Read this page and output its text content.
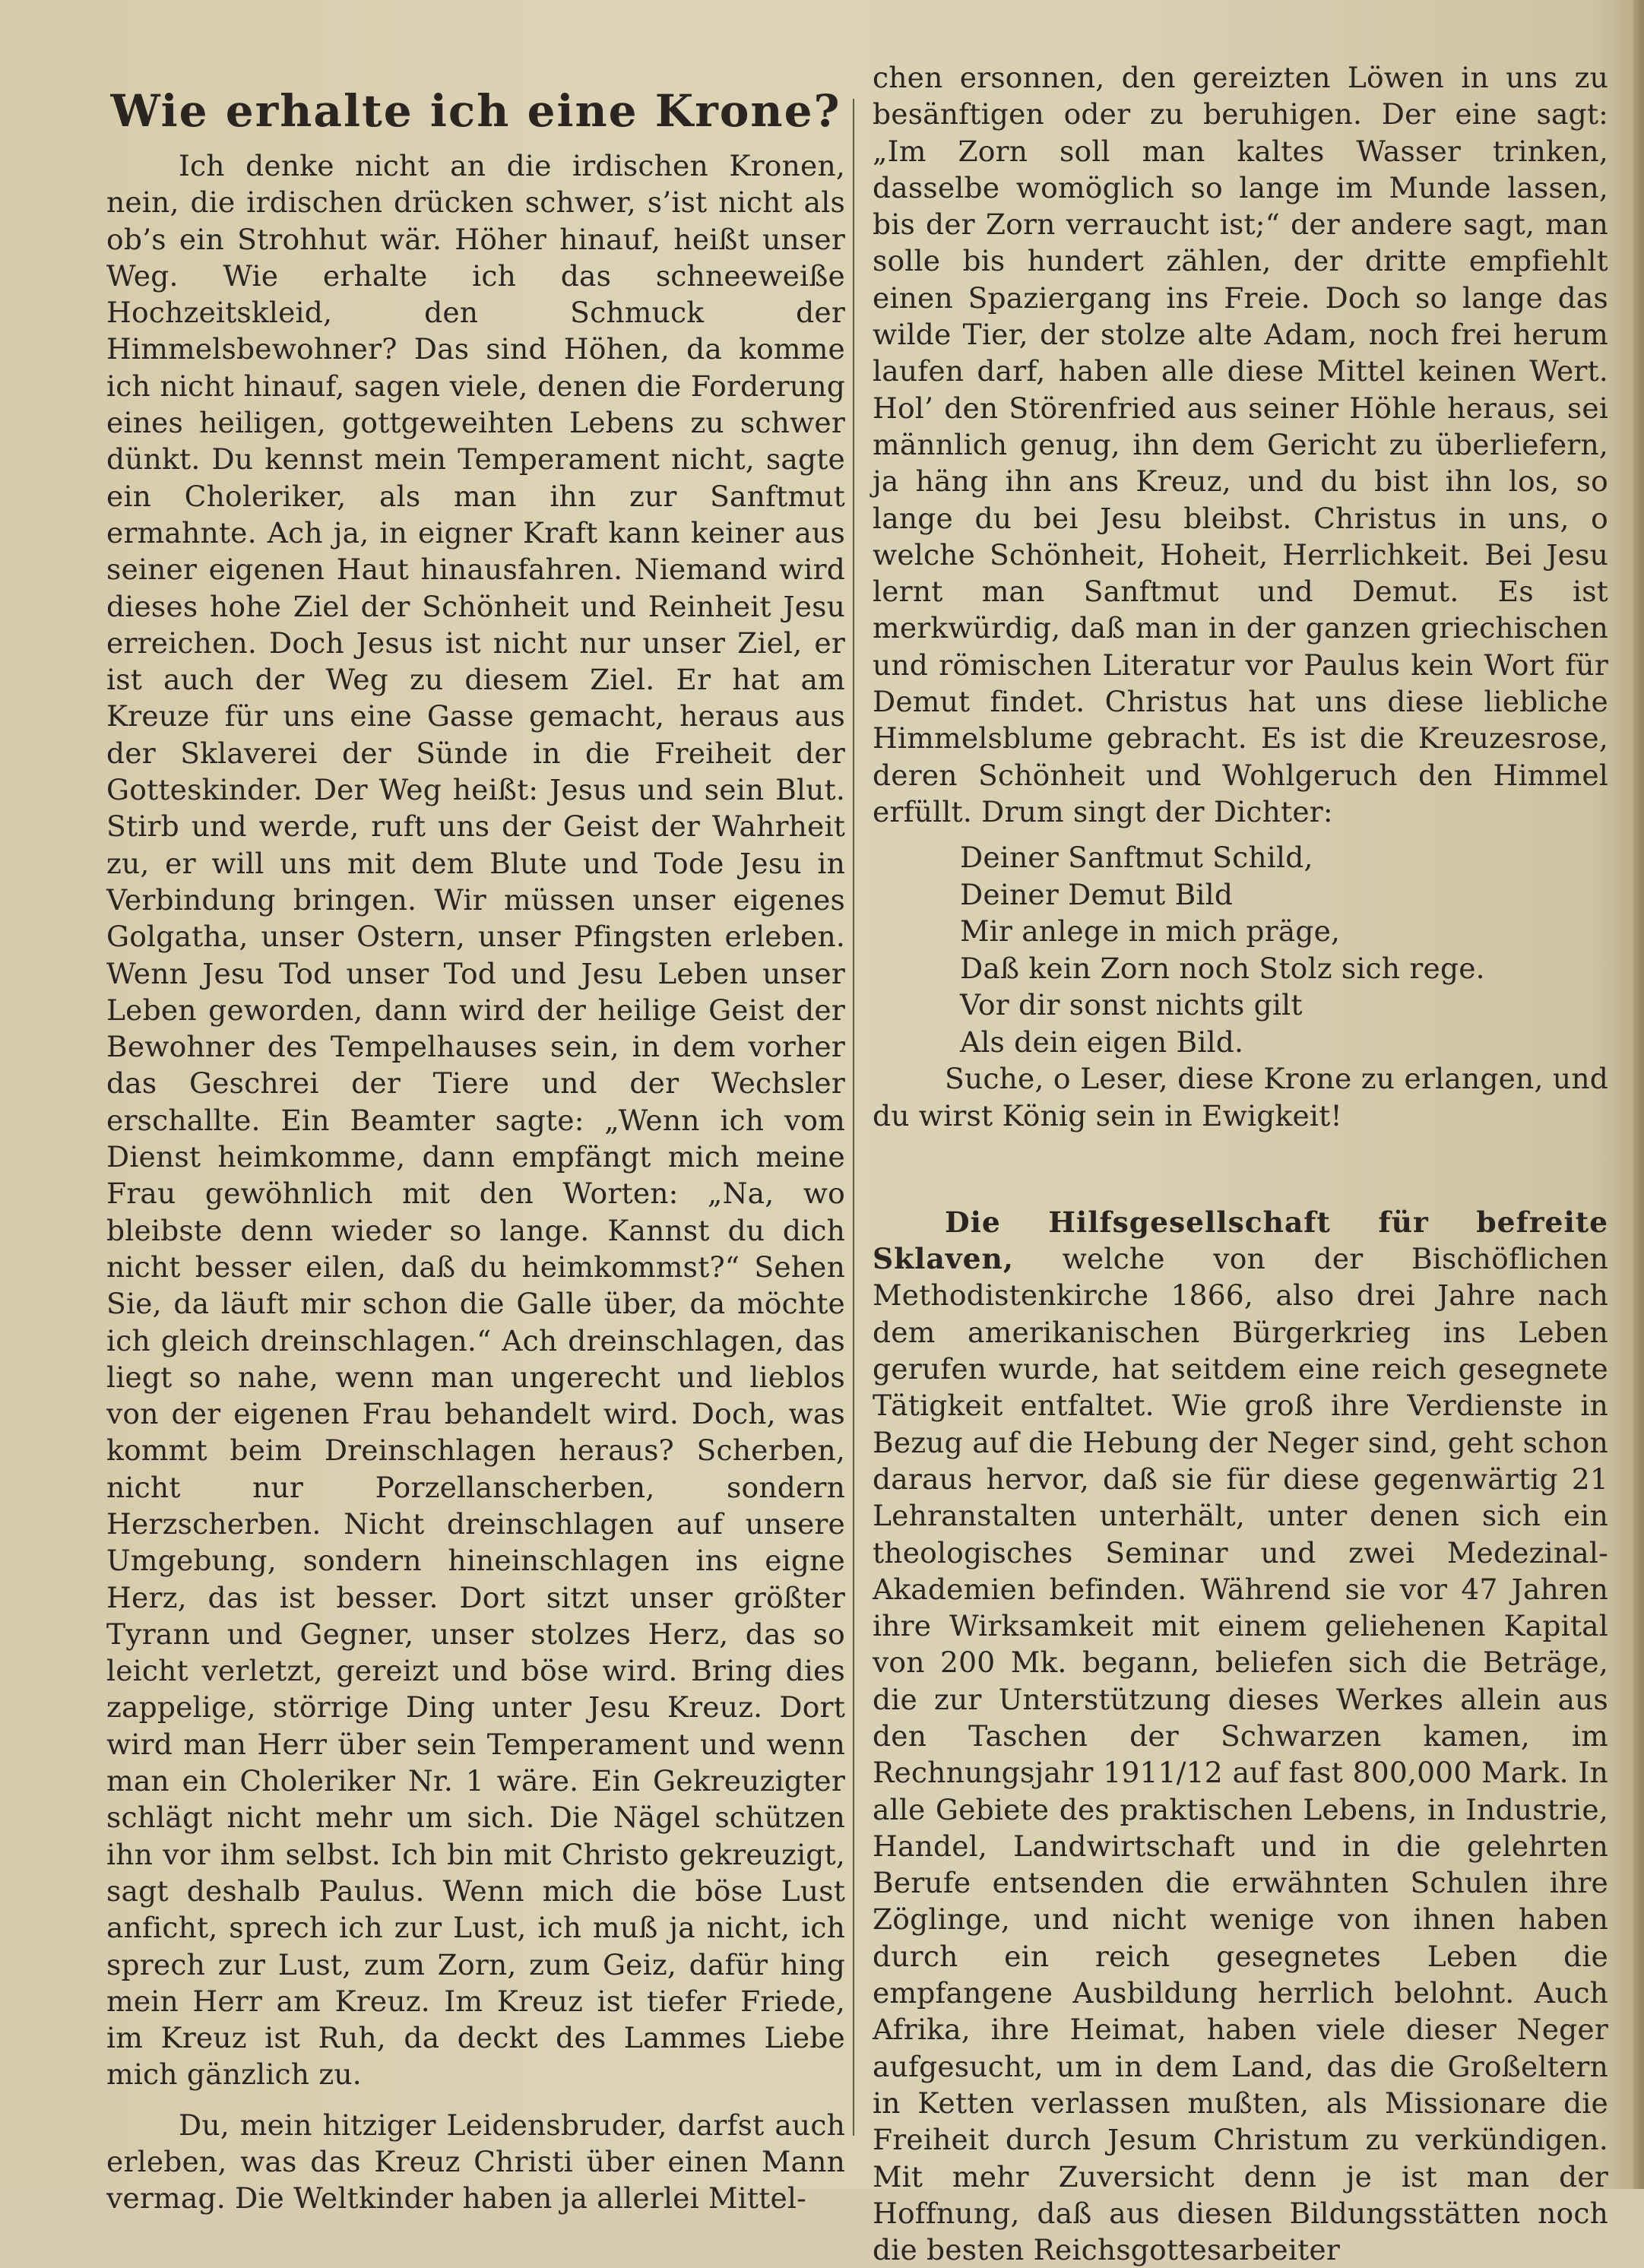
Wie erhalte ich eine Krone?

Ich denke nicht an die irdischen Kronen, nein, die irdischen drücken schwer, s’ist nicht als ob’s ein Strohhut wär. Höher hinauf, heißt unser Weg. Wie erhalte ich das schneeweiße Hochzeitskleid, den Schmuck der Himmelsbewohner? Das sind Höhen, da komme ich nicht hinauf, sagen viele, denen die Forderung eines heiligen, gottgeweihten Lebens zu schwer dünkt. Du kennst mein Temperament nicht, sagte ein Choleriker, als man ihn zur Sanftmut ermahnte. Ach ja, in eigner Kraft kann keiner aus seiner eigenen Haut hinausfahren. Niemand wird dieses hohe Ziel der Schönheit und Reinheit Jesu erreichen. Doch Jesus ist nicht nur unser Ziel, er ist auch der Weg zu diesem Ziel. Er hat am Kreuze für uns eine Gasse gemacht, heraus aus der Sklaverei der Sünde in die Freiheit der Gotteskinder. Der Weg heißt: Jesus und sein Blut. Stirb und werde, ruft uns der Geist der Wahrheit zu, er will uns mit dem Blute und Tode Jesu in Verbindung bringen. Wir müssen unser eigenes Golgatha, unser Ostern, unser Pfingsten erleben. Wenn Jesu Tod unser Tod und Jesu Leben unser Leben geworden, dann wird der heilige Geist der Bewohner des Tempelhauses sein, in dem vorher das Geschrei der Tiere und der Wechsler erschallte. Ein Beamter sagte: „Wenn ich vom Dienst heimkomme, dann empfängt mich meine Frau gewöhnlich mit den Worten: „Na, wo bleibste denn wieder so lange. Kannst du dich nicht besser eilen, daß du heimkommst?“ Sehen Sie, da läuft mir schon die Galle über, da möchte ich gleich dreinschlagen.“ Ach dreinschlagen, das liegt so nahe, wenn man ungerecht und lieblos von der eigenen Frau behandelt wird. Doch, was kommt beim Dreinschlagen heraus? Scherben, nicht nur Porzellanscherben, sondern Herzscherben. Nicht dreinschlagen auf unsere Umgebung, sondern hineinschlagen ins eigne Herz, das ist besser. Dort sitzt unser größter Tyrann und Gegner, unser stolzes Herz, das so leicht verletzt, gereizt und böse wird. Bring dies zappelige, störrige Ding unter Jesu Kreuz. Dort wird man Herr über sein Temperament und wenn man ein Choleriker Nr. 1 wäre. Ein Gekreuzigter schlägt nicht mehr um sich. Die Nägel schützen ihn vor ihm selbst. Ich bin mit Christo gekreuzigt, sagt deshalb Paulus. Wenn mich die böse Lust anficht, sprech ich zur Lust, ich muß ja nicht, ich sprech zur Lust, zum Zorn, zum Geiz, dafür hing mein Herr am Kreuz. Im Kreuz ist tiefer Friede, im Kreuz ist Ruh, da deckt des Lammes Liebe mich gänzlich zu.

Du, mein hitziger Leidensbruder, darfst auch erleben, was das Kreuz Christi über einen Mann vermag. Die Weltkinder haben ja allerlei Mittel-

chen ersonnen, den gereizten Löwen in uns zu besänftigen oder zu beruhigen. Der eine sagt: „Im Zorn soll man kaltes Wasser trinken, dasselbe womöglich so lange im Munde lassen, bis der Zorn verraucht ist;“ der andere sagt, man solle bis hundert zählen, der dritte empfiehlt einen Spaziergang ins Freie. Doch so lange das wilde Tier, der stolze alte Adam, noch frei herum laufen darf, haben alle diese Mittel keinen Wert. Hol’ den Störenfried aus seiner Höhle heraus, sei männlich genug, ihn dem Gericht zu überliefern, ja häng ihn ans Kreuz, und du bist ihn los, so lange du bei Jesu bleibst. Christus in uns, o welche Schönheit, Hoheit, Herrlichkeit. Bei Jesu lernt man Sanftmut und Demut. Es ist merkwürdig, daß man in der ganzen griechischen und römischen Literatur vor Paulus kein Wort für Demut findet. Christus hat uns diese liebliche Himmelsblume gebracht. Es ist die Kreuzesrose, deren Schönheit und Wohlgeruch den Himmel erfüllt. Drum singt der Dichter:

Deiner Sanftmut Schild,
Deiner Demut Bild
Mir anlege in mich präge,
Daß kein Zorn noch Stolz sich rege.
Vor dir sonst nichts gilt
Als dein eigen Bild.

Suche, o Leser, diese Krone zu erlangen, und du wirst König sein in Ewigkeit!

Die Hilfsgesellschaft für befreite Sklaven, welche von der Bischöflichen Methodistenkirche 1866, also drei Jahre nach dem amerikanischen Bürgerkrieg ins Leben gerufen wurde, hat seitdem eine reich gesegnete Tätigkeit entfaltet. Wie groß ihre Verdienste in Bezug auf die Hebung der Neger sind, geht schon daraus hervor, daß sie für diese gegenwärtig 21 Lehranstalten unterhält, unter denen sich ein theologisches Seminar und zwei Medezinal-Akademien befinden. Während sie vor 47 Jahren ihre Wirksamkeit mit einem geliehenen Kapital von 200 Mk. begann, beliefen sich die Beträge, die zur Unterstützung dieses Werkes allein aus den Taschen der Schwarzen kamen, im Rechnungsjahr 1911/12 auf fast 800,000 Mark. In alle Gebiete des praktischen Lebens, in Industrie, Handel, Landwirtschaft und in die gelehrten Berufe entsenden die erwähnten Schulen ihre Zöglinge, und nicht wenige von ihnen haben durch ein reich gesegnetes Leben die empfangene Ausbildung herrlich belohnt. Auch Afrika, ihre Heimat, haben viele dieser Neger aufgesucht, um in dem Land, das die Großeltern in Ketten verlassen mußten, als Missionare die Freiheit durch Jesum Christum zu verkündigen. Mit mehr Zuversicht denn je ist man der Hoffnung, daß aus diesen Bildungsstätten noch die besten Reichsgottesarbeiter
